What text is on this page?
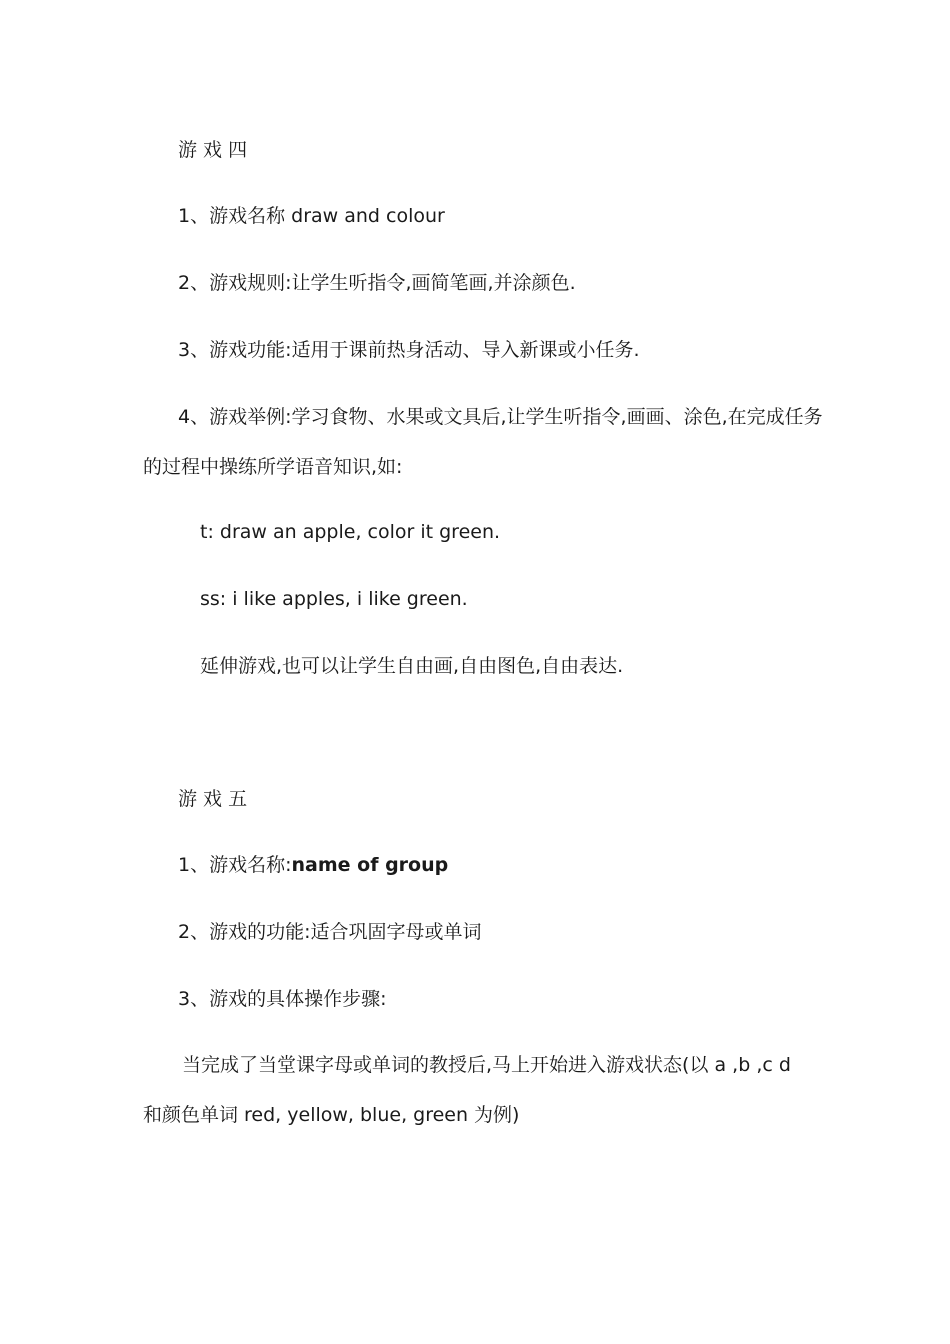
游 戏 四

1、游戏名称 draw and colour

2、游戏规则:让学生听指令,画简笔画,并涂颜色.

3、游戏功能:适用于课前热身活动、导入新课或小任务.

4、游戏举例:学习食物、水果或文具后,让学生听指令,画画、涂色,在完成任务

的过程中操练所学语音知识,如:

t: draw an apple, color it green.

ss: i like apples, i like green.

延伸游戏,也可以让学生自由画,自由图色,自由表达.

游 戏 五

1、游戏名称:name of group

2、游戏的功能:适合巩固字母或单词

3、游戏的具体操作步骤:

当完成了当堂课字母或单词的教授后,马上开始进入游戏状态(以 a ,b ,c d

和颜色单词 red, yellow, blue, green 为例)
